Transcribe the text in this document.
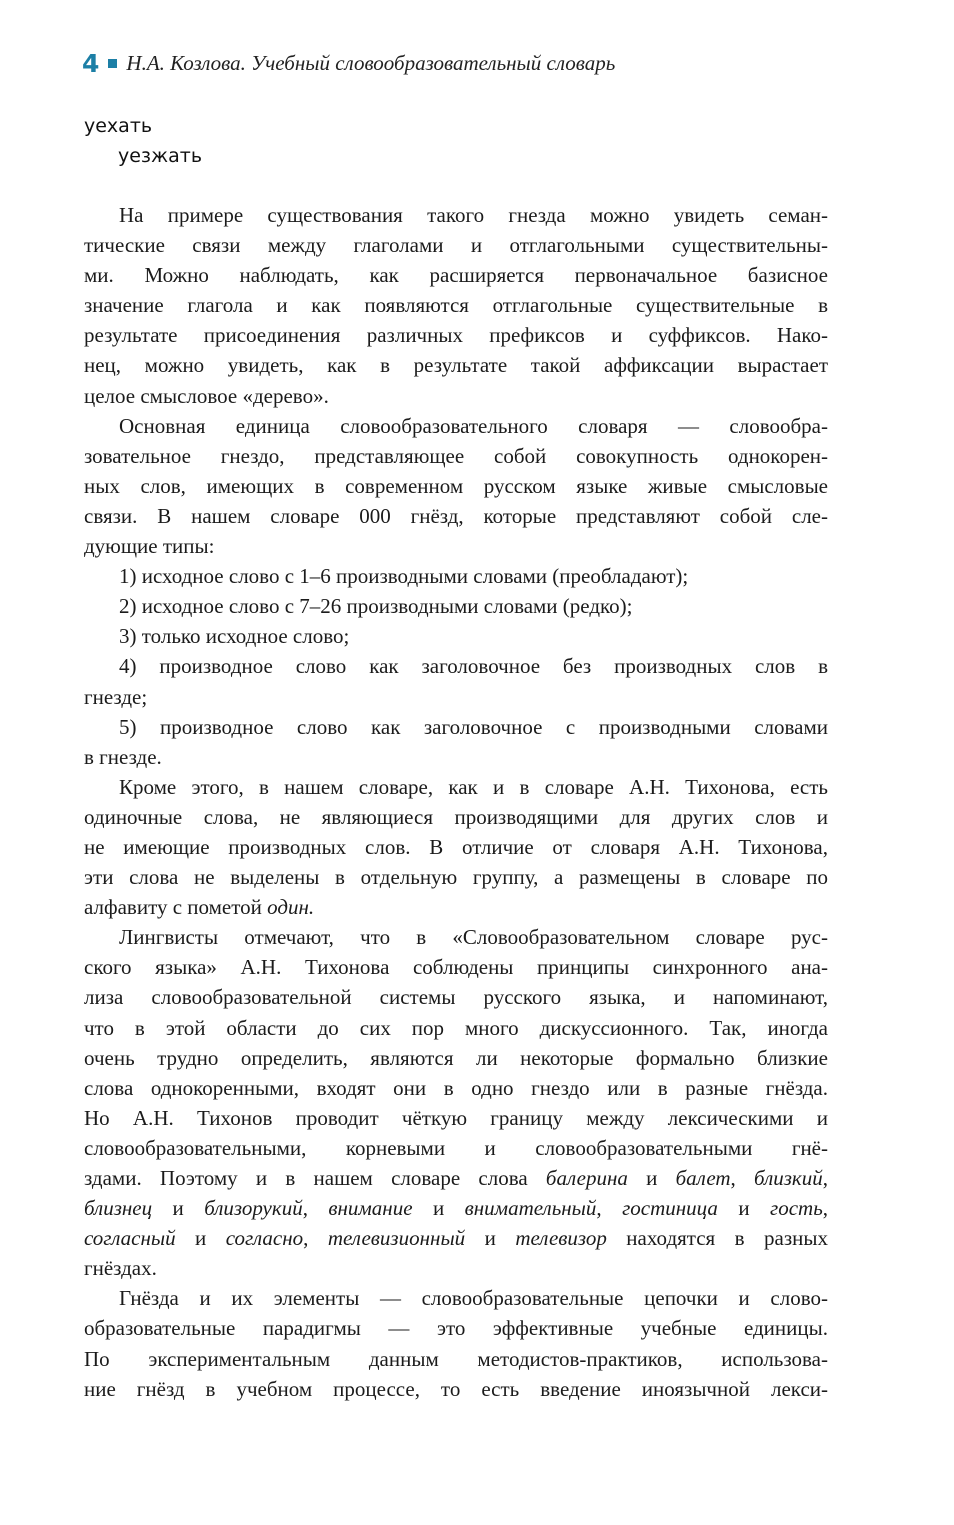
4 Н.А. Козлова. Учебный словообразовательный словарь
уехать
уезжать
На примере существования такого гнезда можно увидеть семан-
тические связи между глаголами и отглагольными существительны-
ми. Можно наблюдать, как расширяется первоначальное базисное
значение глагола и как появляются отглагольные существительные в
результате присоединения различных префиксов и суффиксов. Нако-
нец, можно увидеть, как в результате такой аффиксации вырастает
целое смысловое «дерево».
Основная единица словообразовательного словаря — словообра-
зовательное гнездо, представляющее собой совокупность однокорен-
ных слов, имеющих в современном русском языке живые смысловые
связи. В нашем словаре 000 гнёзд, которые представляют собой сле-
дующие типы:
1) исходное слово с 1–6 производными словами (преобладают);
2) исходное слово с 7–26 производными словами (редко);
3) только исходное слово;
4) производное слово как заголовочное без производных слов в
гнезде;
5) производное слово как заголовочное с производными словами
в гнезде.
Кроме этого, в нашем словаре, как и в словаре А.Н. Тихонова, есть
одиночные слова, не являющиеся производящими для других слов и
не имеющие производных слов. В отличие от словаря А.Н. Тихонова,
эти слова не выделены в отдельную группу, а размещены в словаре по
алфавиту с пометой один.
Лингвисты отмечают, что в «Словообразовательном словаре рус-
ского языка» А.Н. Тихонова соблюдены принципы синхронного ана-
лиза словообразовательной системы русского языка, и напоминают,
что в этой области до сих пор много дискуссионного. Так, иногда
очень трудно определить, являются ли некоторые формально близкие
слова однокоренными, входят они в одно гнездо или в разные гнёзда.
Но А.Н. Тихонов проводит чёткую границу между лексическими и
словообразовательными, корневыми и словообразовательными гнё-
здами. Поэтому и в нашем словаре слова балерина и балет, близкий,
близнец и близорукий, внимание и внимательный, гостиница и гость,
согласный и согласно, телевизионный и телевизор находятся в разных
гнёздах.
Гнёзда и их элементы — словообразовательные цепочки и слово-
образовательные парадигмы — это эффективные учебные единицы.
По экспериментальным данным методистов-практиков, использова-
ние гнёзд в учебном процессе, то есть введение иноязычной лекси-
